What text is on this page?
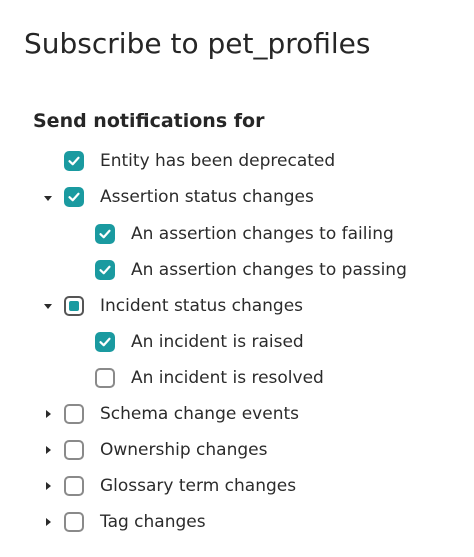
Subscribe to pet_profiles
Send notifications for
Entity has been deprecated
Assertion status changes
An assertion changes to failing
An assertion changes to passing
Incident status changes
An incident is raised
An incident is resolved
Schema change events
Ownership changes
Glossary term changes
Tag changes
